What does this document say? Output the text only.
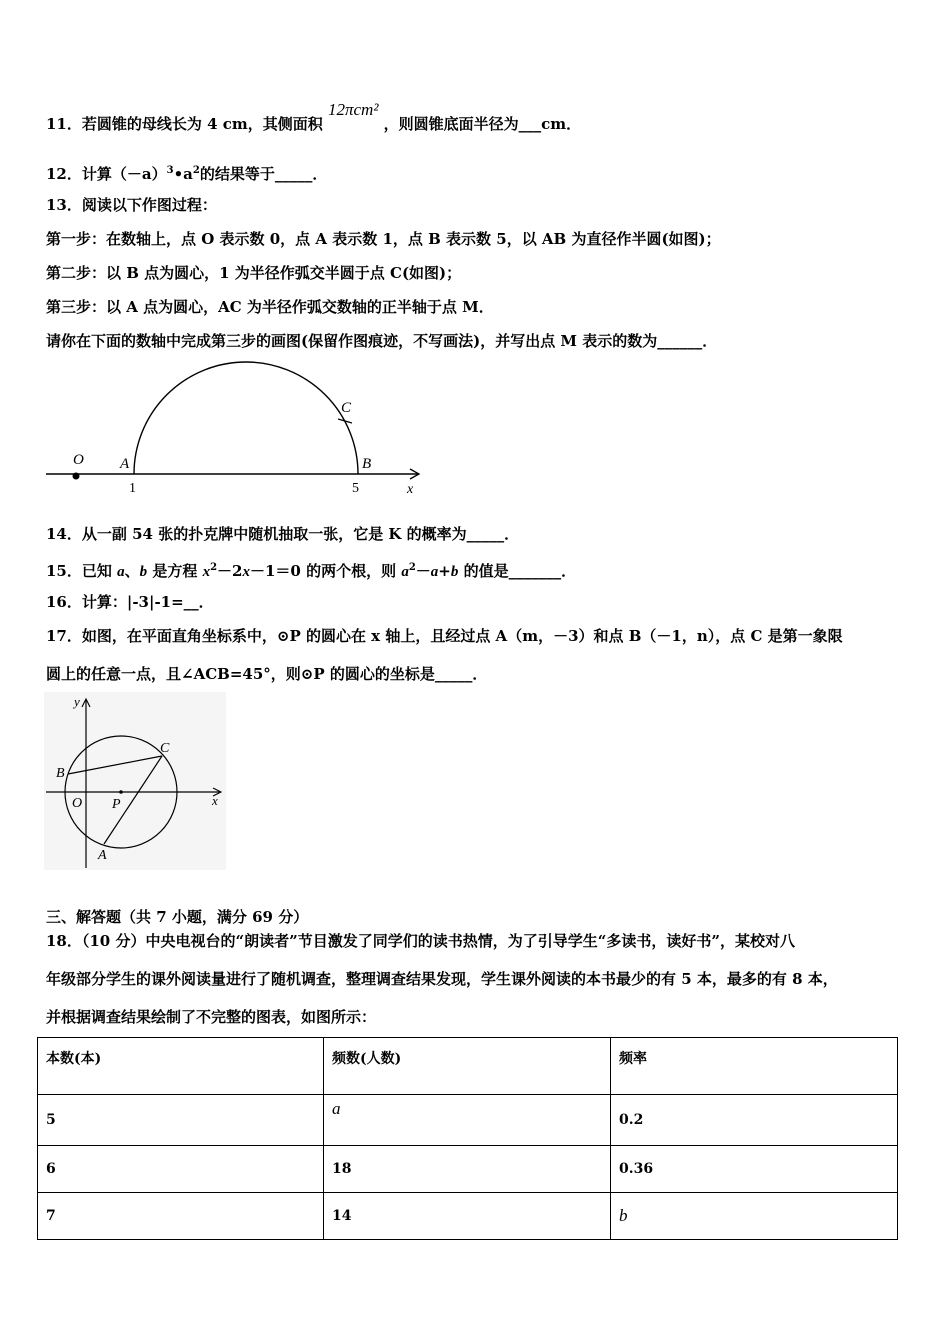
11．若圆锥的母线长为 4 cm，其侧面积 12πcm² ，则圆锥底面半径为___cm．
12．计算$(-a)^3•a^2$的结果等于_____．
13．阅读以下作图过程：
第一步：在数轴上，点 O 表示数 0，点 A 表示数 1，点 B 表示数 5，以 AB 为直径作半圆(如图)；
第二步：以 B 点为圆心，1 为半径作弧交半圆于点 C(如图)；
第三步：以 A 点为圆心，AC 为半径作弧交数轴的正半轴于点 M．
请你在下面的数轴中完成第三步的画图(保留作图痕迹，不写画法)，并写出点 M 表示的数为______．
O A	B
C
1	5	x
14．从一副 54 张的扑克牌中随机抽取一张，它是 K 的概率为_____．
15．已知 a、b 是方程 $x^2-2x-1=0$ 的两个根，则 $a^2-a+b$ 的值是_______．
16．计算：|-3|-1=__．
17．如图，在平面直角坐标系中，⊙P 的圆心在 x 轴上，且经过点 A（m，－3）和点 B（－1，n），点 C 是第一象限
圆上的任意一点，且∠ACB=45°，则⊙P 的圆心的坐标是_____．
y
x
B
C
O P
A
三、解答题（共 7 小题，满分 69 分）
18．（10 分）中央电视台的“朗读者”节目激发了同学们的读书热情，为了引导学生“多读书，读好书”，某校对八
年级部分学生的课外阅读量进行了随机调查，整理调查结果发现，学生课外阅读的本书最少的有 5 本，最多的有 8 本，
并根据调查结果绘制了不完整的图表，如图所示：
本数(本)	频数(人数)	频率
5	a	0.2
6	18	0.36
7	14	b
